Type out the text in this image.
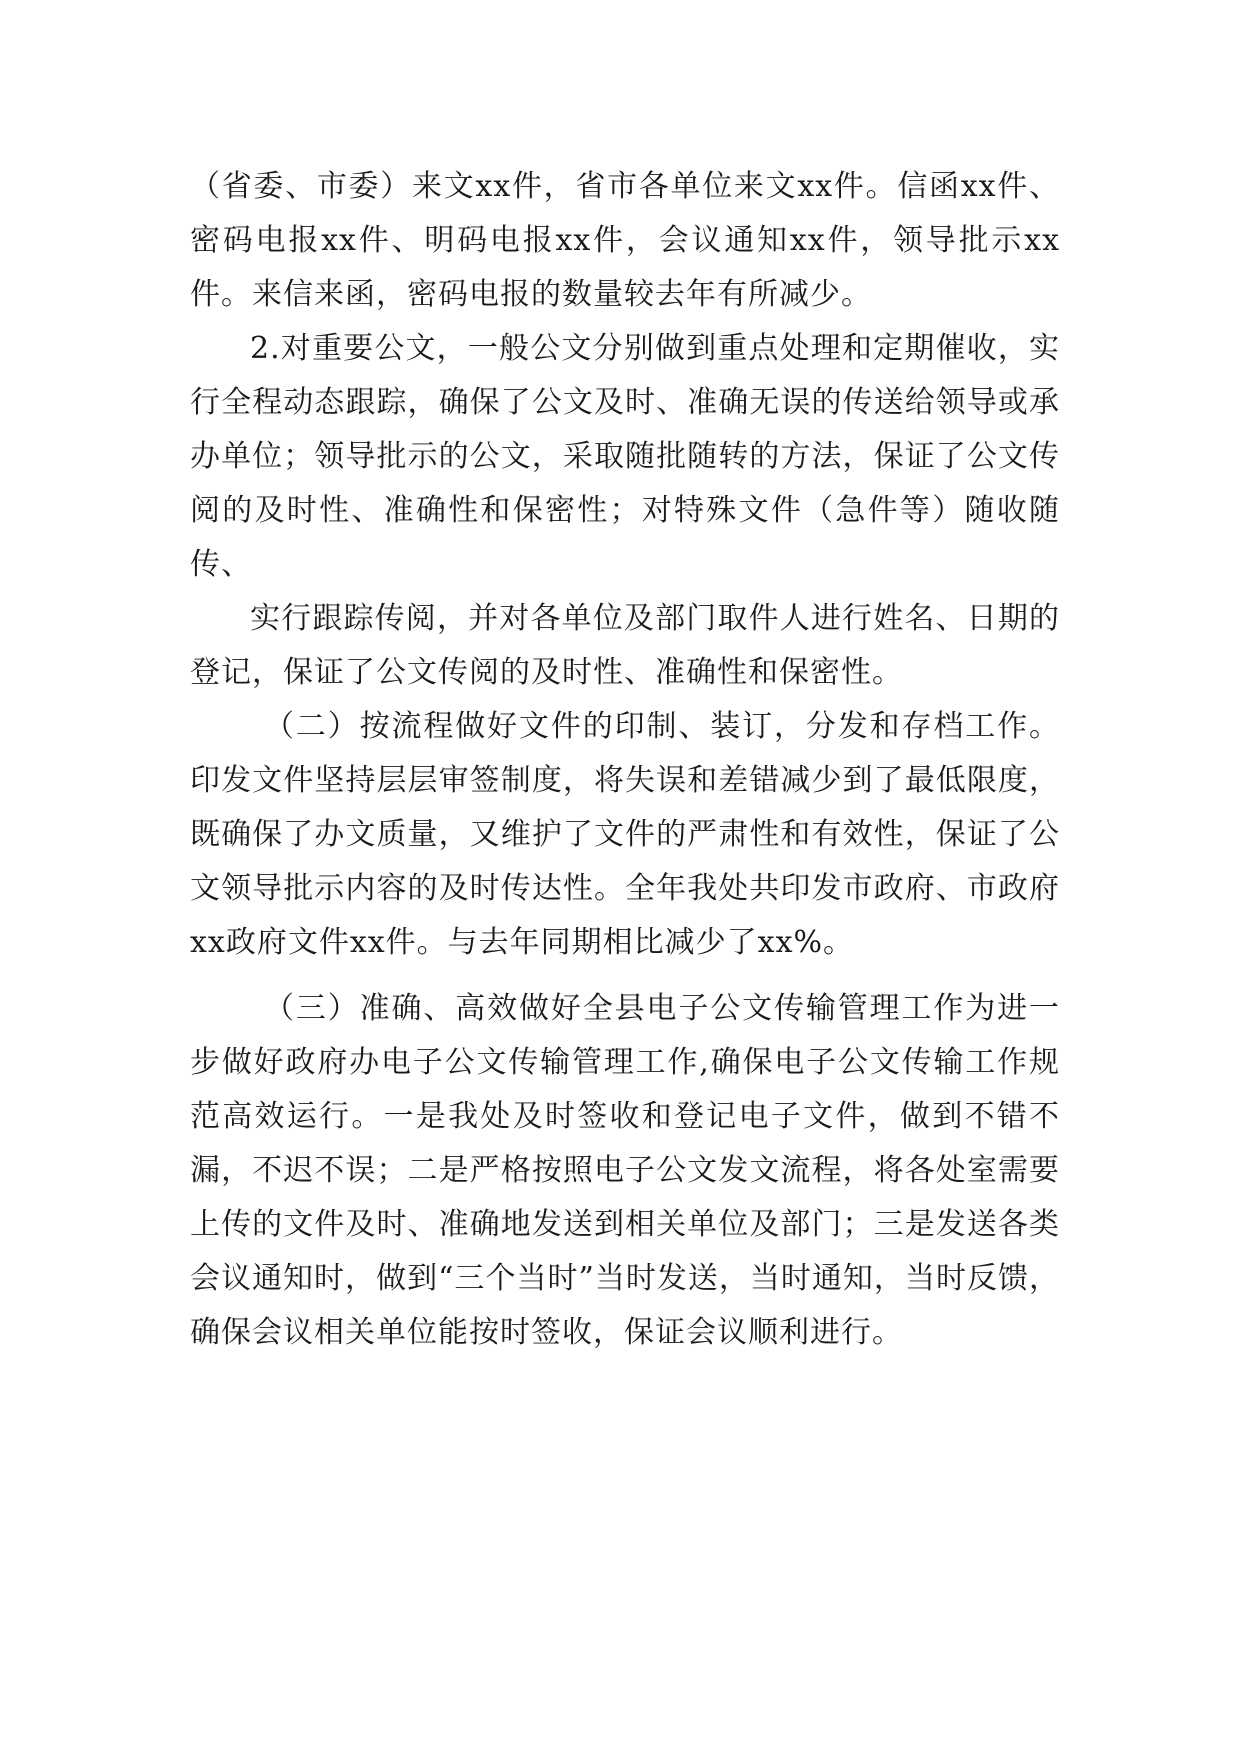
（省委、市委）来文xx件，省市各单位来文xx件。信函xx件、密码电报xx件、明码电报xx件，会议通知xx件，领导批示xx件。来信来函，密码电报的数量较去年有所减少。

2.对重要公文，一般公文分别做到重点处理和定期催收，实行全程动态跟踪，确保了公文及时、准确无误的传送给领导或承办单位；领导批示的公文，采取随批随转的方法，保证了公文传阅的及时性、准确性和保密性；对特殊文件（急件等）随收随传、

实行跟踪传阅，并对各单位及部门取件人进行姓名、日期的登记，保证了公文传阅的及时性、准确性和保密性。

（二）按流程做好文件的印制、装订，分发和存档工作。印发文件坚持层层审签制度，将失误和差错减少到了最低限度，既确保了办文质量，又维护了文件的严肃性和有效性，保证了公文领导批示内容的及时传达性。全年我处共印发市政府、市政府xx政府文件xx件。与去年同期相比减少了xx%。

（三）准确、高效做好全县电子公文传输管理工作为进一步做好政府办电子公文传输管理工作,确保电子公文传输工作规范高效运行。一是我处及时签收和登记电子文件，做到不错不漏，不迟不误；二是严格按照电子公文发文流程，将各处室需要上传的文件及时、准确地发送到相关单位及部门；三是发送各类会议通知时，做到“三个当时”当时发送，当时通知，当时反馈，确保会议相关单位能按时签收，保证会议顺利进行。
